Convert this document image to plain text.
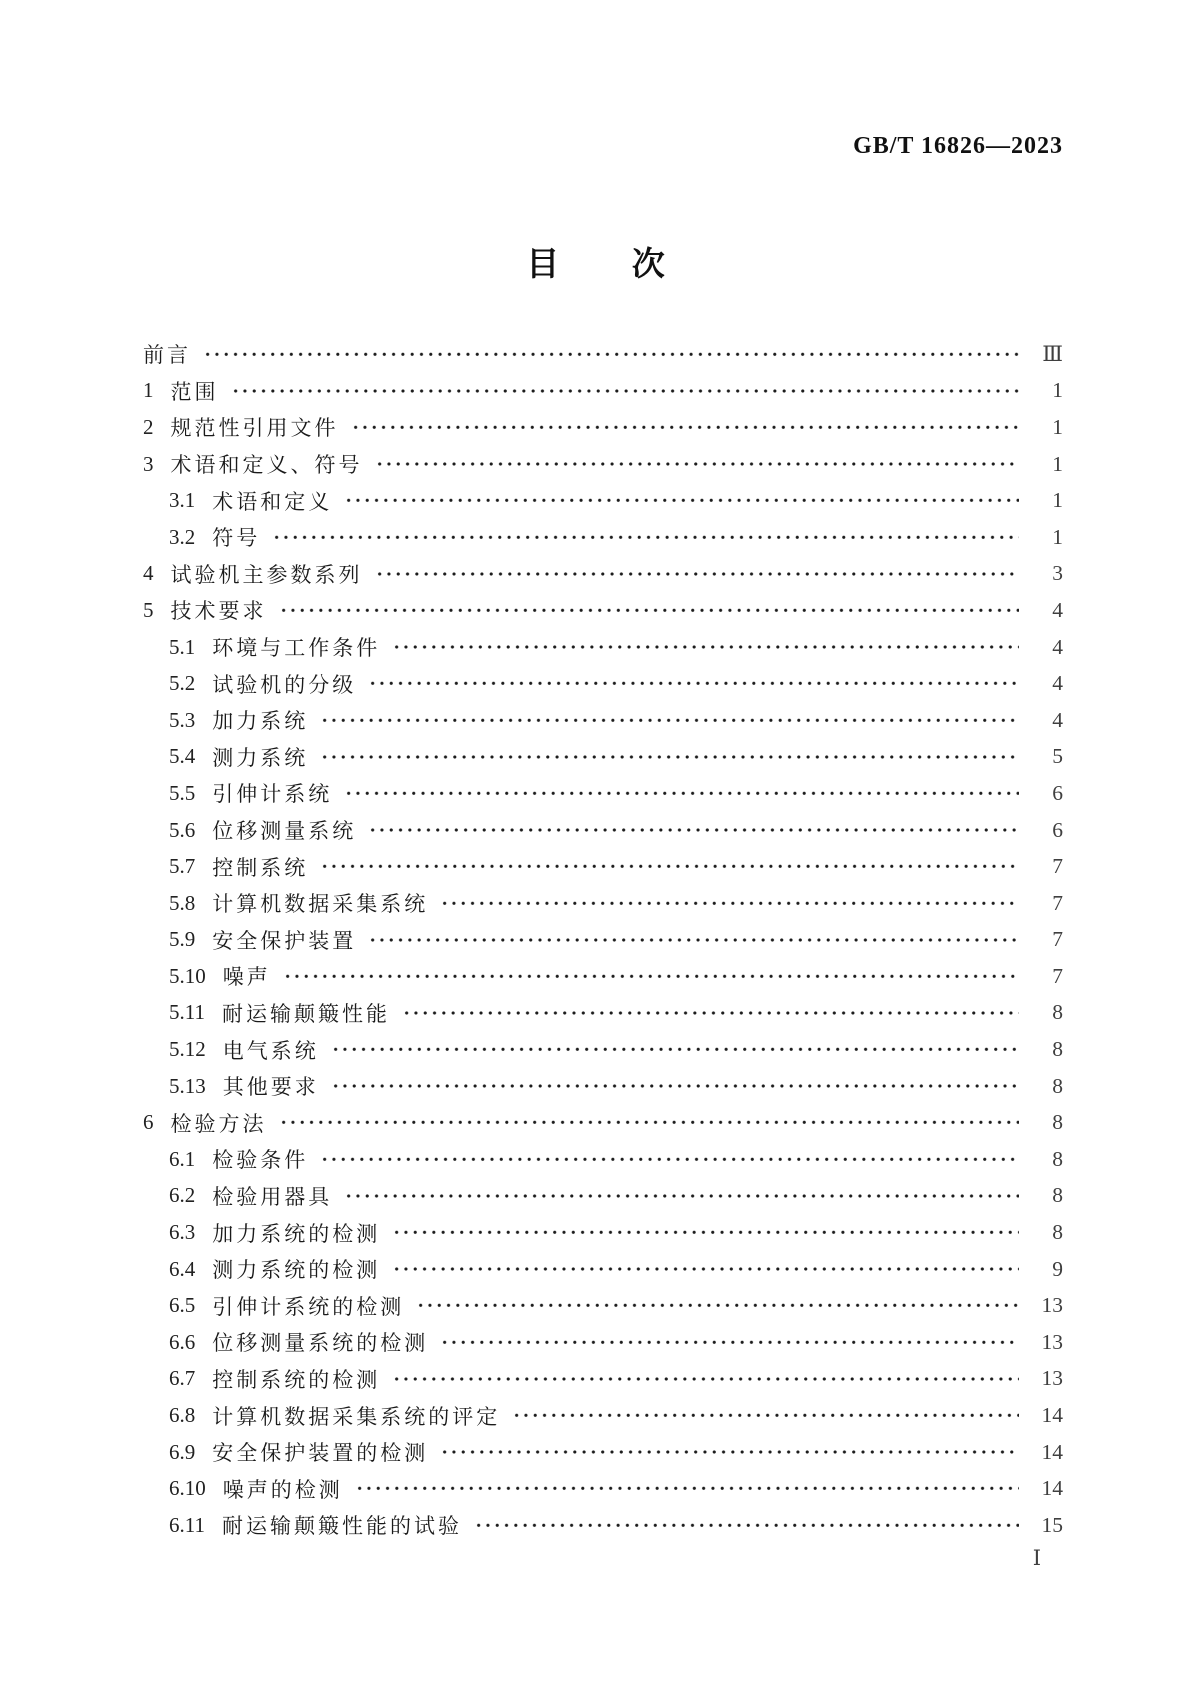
GB/T 16826—2023
目次
前言	Ⅲ
1 范围	1
2 规范性引用文件	1
3 术语和定义、符号	1
3.1 术语和定义	1
3.2 符号	1
4 试验机主参数系列	3
5 技术要求	4
5.1 环境与工作条件	4
5.2 试验机的分级	4
5.3 加力系统	4
5.4 测力系统	5
5.5 引伸计系统	6
5.6 位移测量系统	6
5.7 控制系统	7
5.8 计算机数据采集系统	7
5.9 安全保护装置	7
5.10 噪声	7
5.11 耐运输颠簸性能	8
5.12 电气系统	8
5.13 其他要求	8
6 检验方法	8
6.1 检验条件	8
6.2 检验用器具	8
6.3 加力系统的检测	8
6.4 测力系统的检测	9
6.5 引伸计系统的检测	13
6.6 位移测量系统的检测	13
6.7 控制系统的检测	13
6.8 计算机数据采集系统的评定	14
6.9 安全保护装置的检测	14
6.10 噪声的检测	14
6.11 耐运输颠簸性能的试验	15
Ⅰ
